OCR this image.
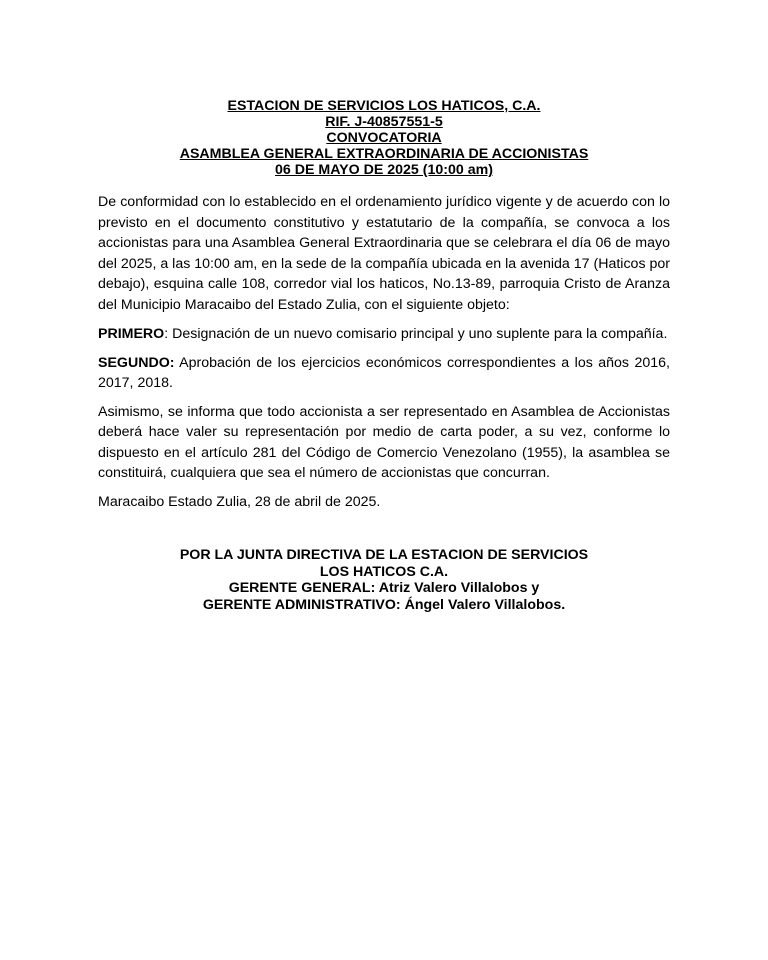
ESTACION DE SERVICIOS LOS HATICOS, C.A.
RIF. J-40857551-5
CONVOCATORIA
ASAMBLEA GENERAL EXTRAORDINARIA DE ACCIONISTAS
06 DE MAYO DE 2025 (10:00 am)

De conformidad con lo establecido en el ordenamiento jurídico vigente y de acuerdo con lo previsto en el documento constitutivo y estatutario de la compañía, se convoca a los accionistas para una Asamblea General Extraordinaria que se celebrara el día 06 de mayo del 2025, a las 10:00 am, en la sede de la compañía ubicada en la avenida 17 (Haticos por debajo), esquina calle 108, corredor vial los haticos, No.13-89, parroquia Cristo de Aranza del Municipio Maracaibo del Estado Zulia, con el siguiente objeto:

PRIMERO: Designación de un nuevo comisario principal y uno suplente para la compañía.

SEGUNDO: Aprobación de los ejercicios económicos correspondientes a los años 2016, 2017, 2018.

Asimismo, se informa que todo accionista a ser representado en Asamblea de Accionistas deberá hace valer su representación por medio de carta poder, a su vez, conforme lo dispuesto en el artículo 281 del Código de Comercio Venezolano (1955), la asamblea se constituirá, cualquiera que sea el número de accionistas que concurran.

Maracaibo Estado Zulia, 28 de abril de 2025.

POR LA JUNTA DIRECTIVA DE LA ESTACION DE SERVICIOS
LOS HATICOS C.A.
GERENTE GENERAL: Atriz Valero Villalobos y
GERENTE ADMINISTRATIVO: Ángel Valero Villalobos.
